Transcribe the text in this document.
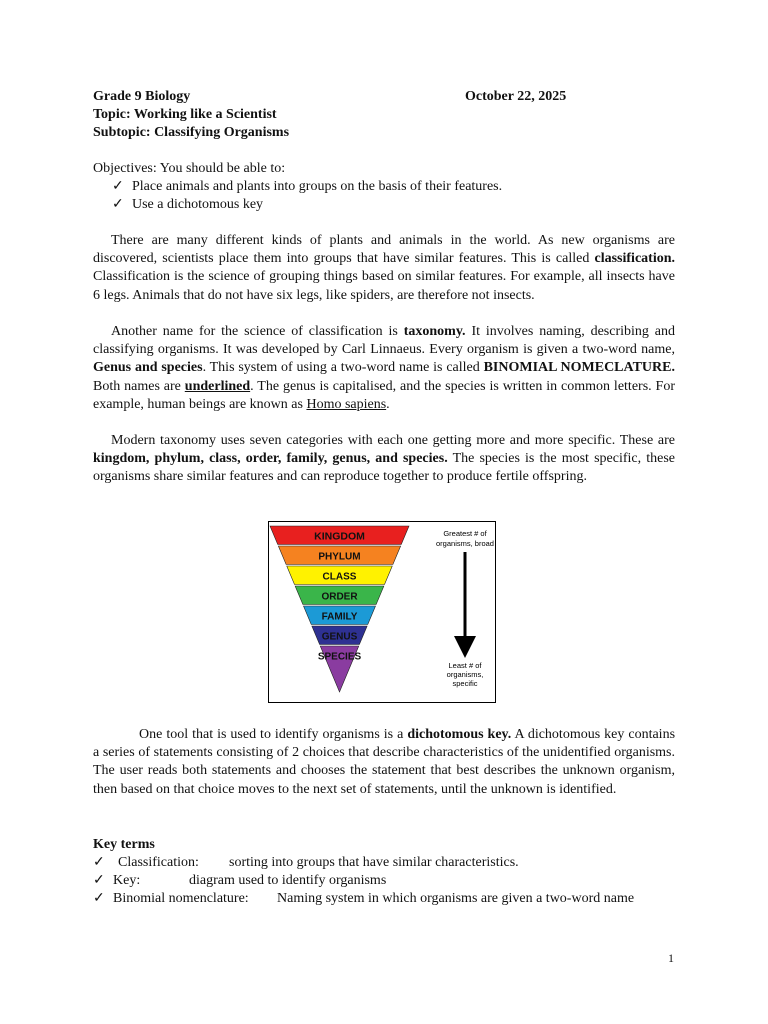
Grade 9 Biology	October 22, 2025
Topic: Working like a Scientist
Subtopic: Classifying Organisms
Objectives: You should be able to:
✓ Place animals and plants into groups on the basis of their features.
✓ Use a dichotomous key

There are many different kinds of plants and animals in the world. As new organisms are discovered, scientists place them into groups that have similar features. This is called classification. Classification is the science of grouping things based on similar features. For example, all insects have 6 legs. Animals that do not have six legs, like spiders, are therefore not insects.

Another name for the science of classification is taxonomy. It involves naming, describing and classifying organisms. It was developed by Carl Linnaeus. Every organism is given a two-word name, Genus and species. This system of using a two-word name is called BINOMIAL NOMECLATURE. Both names are underlined. The genus is capitalised, and the species is written in common letters. For example, human beings are known as Homo sapiens.

Modern taxonomy uses seven categories with each one getting more and more specific. These are kingdom, phylum, class, order, family, genus, and species. The species is the most specific, these organisms share similar features and can reproduce together to produce fertile offspring.

KINGDOM
PHYLUM
CLASS
ORDER
FAMILY
GENUS
SPECIES
Greatest # of
organisms, broad
Least # of
organisms,
specific

One tool that is used to identify organisms is a dichotomous key. A dichotomous key contains a series of statements consisting of 2 choices that describe characteristics of the unidentified organisms. The user reads both statements and chooses the statement that best describes the unknown organism, then based on that choice moves to the next set of statements, until the unknown is identified.

Key terms
✓ Classification: sorting into groups that have similar characteristics.
✓ Key:	diagram used to identify organisms
✓ Binomial nomenclature: Naming system in which organisms are given a two-word name
1
